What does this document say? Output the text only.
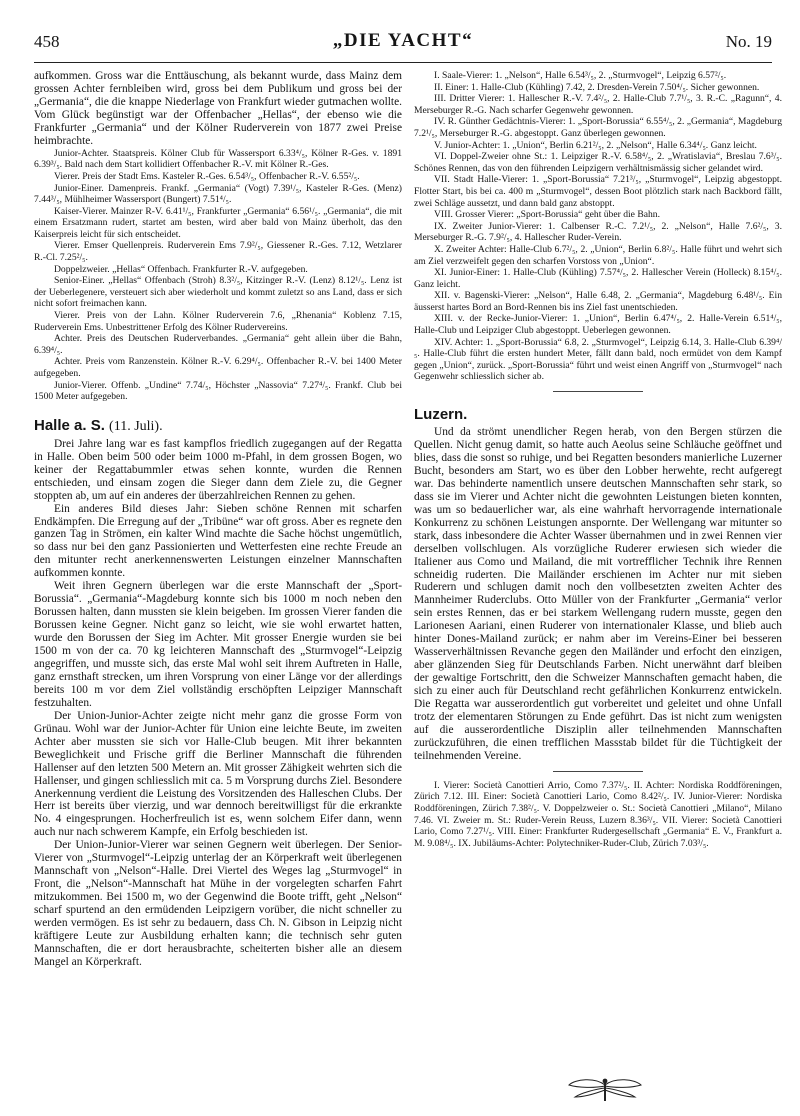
458	„DIE YACHT“	No. 19

aufkommen. Gross war die Enttäuschung, als bekannt wurde, dass Mainz dem grossen Achter fernbleiben wird, gross bei dem Publikum und gross bei der „Germania“, die die knappe Niederlage von Frankfurt wieder gutmachen wollte. Vom Glück begünstigt war der Offenbacher „Hellas“, der ebenso wie die Frankfurter „Germania“ und der Kölner Ruderverein von 1877 zwei Preise heimbrachte.

Junior-Achter. Staatspreis. Kölner Club für Wassersport 6.33⁴/₅, Kölner R-Ges. v. 1891 6.39³/₅. Bald nach dem Start kollidiert Offenbacher R.-V. mit Kölner R.-Ges.

Vierer. Preis der Stadt Ems. Kasteler R.-Ges. 6.54³/₅, Offenbacher R.-V. 6.55²/₅.

Junior-Einer. Damenpreis. Frankf. „Germania“ (Vogt) 7.39¹/₅, Kasteler R-Ges. (Menz) 7.44³/₅, Mühlheimer Wassersport (Bungert) 7.51⁴/₅.

Kaiser-Vierer. Mainzer R-V. 6.41¹/₅, Frankfurter „Germania“ 6.56¹/₅. „Germania“, die mit einem Ersatzmann rudert, startet am besten, wird aber bald von Mainz überholt, das den Kaiserpreis leicht für sich entscheidet.

Vierer. Emser Quellenpreis. Ruderverein Ems 7.9²/₅, Giessener R.-Ges. 7.12, Wetzlarer R.-Cl. 7.25²/₅.

Doppelzweier. „Hellas“ Offenbach. Frankfurter R.-V. aufgegeben.

Senior-Einer. „Hellas“ Offenbach (Stroh) 8.3²/₅, Kitzinger R.-V. (Lenz) 8.12¹/₅. Lenz ist der Ueberlegenere, versteuert sich aber wiederholt und kommt zuletzt so ans Land, dass er sich nicht sofort freimachen kann.

Vierer. Preis von der Lahn. Kölner Ruderverein 7.6, „Rhenania“ Koblenz 7.15, Ruderverein Ems. Unbestrittener Erfolg des Kölner Rudervereins.

Achter. Preis des Deutschen Ruderverbandes. „Germania“ geht allein über die Bahn, 6.39⁴/₅.

Achter. Preis vom Ranzenstein. Kölner R.-V. 6.29⁴/₅. Offenbacher R.-V. bei 1400 Meter aufgegeben.

Junior-Vierer. Offenb. „Undine“ 7.74/₅, Höchster „Nassovia“ 7.27⁴/₅. Frankf. Club bei 1500 Meter aufgegeben.

Halle a. S. (11. Juli).

Drei Jahre lang war es fast kampflos friedlich zugegangen auf der Regatta in Halle. Oben beim 500 oder beim 1000 m-Pfahl, in dem grossen Bogen, wo keiner der Regattabummler etwas sehen konnte, wurden die Rennen entschieden, und einsam zogen die Sieger dann dem Ziele zu, die Gegner stoppten ab, um auf ein anderes der überzahlreichen Rennen zu gehen.

Ein anderes Bild dieses Jahr: Sieben schöne Rennen mit scharfen Endkämpfen. Die Erregung auf der „Tribüne“ war oft gross. Aber es regnete den ganzen Tag in Strömen, ein kalter Wind machte die Sache höchst ungemütlich, so dass nur bei den ganz Passionierten und Wetterfesten eine rechte Freude an den mitunter recht anerkennenswerten Leistungen einzelner Mannschaften aufkommen konnte.

Weit ihren Gegnern überlegen war die erste Mannschaft der „Sport-Borussia“. „Germania“-Magdeburg konnte sich bis 1000 m noch neben den Borussen halten, dann mussten sie klein beigeben. Im grossen Vierer fanden die Borussen keine Gegner. Nicht ganz so leicht, wie sie wohl erwartet hatten, wurde den Borussen der Sieg im Achter. Mit grosser Energie wurden sie bei 1500 m von der ca. 70 kg leichteren Mannschaft des „Sturmvogel“-Leipzig angegriffen, und musste sich, das erste Mal wohl seit ihrem Auftreten in Halle, ganz ernsthaft strecken, um ihren Vorsprung von einer Länge vor der allerdings bereits 100 m vor dem Ziel vollständig erschöpften Leipziger Mannschaft festzuhalten.

Der Union-Junior-Achter zeigte nicht mehr ganz die grosse Form von Grünau. Wohl war der Junior-Achter für Union eine leichte Beute, im zweiten Achter aber mussten sie sich vor Halle-Club beugen. Mit ihrer bekannten Beweglichkeit und Frische griff die Berliner Mannschaft die führenden Hallenser auf den letzten 500 Metern an. Mit grosser Zähigkeit wehrten sich die Hallenser, und gingen schliesslich mit ca. 5 m Vorsprung durchs Ziel. Besondere Anerkennung verdient die Leistung des Vorsitzenden des Halleschen Clubs. Der Herr ist bereits über vierzig, und war dennoch bereitwilligst für die erkrankte No. 4 eingesprungen. Hocherfreulich ist es, wenn solchem Eifer dann, wenn auch nur nach schwerem Kampfe, ein Erfolg beschieden ist.

Der Union-Junior-Vierer war seinen Gegnern weit überlegen. Der Senior-Vierer von „Sturmvogel“-Leipzig unterlag der an Körperkraft weit überlegenen Mannschaft von „Nelson“-Halle. Drei Viertel des Weges lag „Sturmvogel“ in Front, die „Nelson“-Mannschaft hat Mühe in der vorgelegten scharfen Fahrt mitzukommen. Bei 1500 m, wo der Gegenwind die Boote trifft, geht „Nelson“ scharf spurtend an den ermüdenden Leipzigern vorüber, die nicht schneller zu werden vermögen. Es ist sehr zu bedauern, dass Ch. N. Gibson in Leipzig nicht kräftigere Leute zur Ausbildung erhalten kann; die technisch sehr guten Mannschaften, die er dort herausbrachte, scheiterten bisher alle an diesem Mangel an Körperkraft.

I. Saale-Vierer: 1. „Nelson“, Halle 6.54³/₅, 2. „Sturmvogel“, Leipzig 6.57²/₅.

II. Einer: 1. Halle-Club (Kühling) 7.42, 2. Dresden-Verein 7.50⁴/₅. Sicher gewonnen.

III. Dritter Vierer: 1. Hallescher R.-V. 7.4²/₅, 2. Halle-Club 7.7¹/₅, 3. R.-C. „Ragunn“, 4. Merseburger R.-G. Nach scharfer Gegenwehr gewonnen.

IV. R. Günther Gedächtnis-Vierer: 1. „Sport-Borussia“ 6.55⁴/₅, 2. „Germania“, Magdeburg 7.2¹/₅, Merseburger R.-G. abgestoppt. Ganz überlegen gewonnen.

V. Junior-Achter: 1. „Union“, Berlin 6.21²/₅, 2. „Nelson“, Halle 6.34⁴/₅. Ganz leicht.

VI. Doppel-Zweier ohne St.: 1. Leipziger R.-V. 6.58⁴/₅, 2. „Wratislavia“, Breslau 7.6³/₅. Schönes Rennen, das von den führenden Leipzigern verhältnismässig sicher gelandet wird.

VII. Stadt Halle-Vierer: 1. „Sport-Borussia“ 7.21³/₅, „Sturmvogel“, Leipzig abgestoppt. Flotter Start, bis bei ca. 400 m „Sturmvogel“, dessen Boot plötzlich stark nach Backbord fällt, zwei Schläge aussetzt, und dann bald ganz abstoppt.

VIII. Grosser Vierer: „Sport-Borussia“ geht über die Bahn.

IX. Zweiter Junior-Vierer: 1. Calbenser R.-C. 7.2¹/₅, 2. „Nelson“, Halle 7.6²/₅, 3. Merseburger R.-G. 7.9²/₅, 4. Hallescher Ruder-Verein.

X. Zweiter Achter: Halle-Club 6.7²/₅, 2. „Union“, Berlin 6.8²/₅. Halle führt und wehrt sich am Ziel verzweifelt gegen den scharfen Vorstoss von „Union“.

XI. Junior-Einer: 1. Halle-Club (Kühling) 7.57⁴/₅, 2. Hallescher Verein (Holleck) 8.15⁴/₅. Ganz leicht.

XII. v. Bagenski-Vierer: „Nelson“, Halle 6.48, 2. „Germania“, Magdeburg 6.48¹/₅. Ein äusserst hartes Bord an Bord-Rennen bis ins Ziel fast unentschieden.

XIII. v. der Recke-Junior-Vierer: 1. „Union“, Berlin 6.47⁴/₅, 2. Halle-Verein 6.51⁴/₅, Halle-Club und Leipziger Club abgestoppt. Ueberlegen gewonnen.

XIV. Achter: 1. „Sport-Borussia“ 6.8, 2. „Sturmvogel“, Leipzig 6.14, 3. Halle-Club 6.39⁴/₅. Halle-Club führt die ersten hundert Meter, fällt dann bald, noch ermüdet von dem Kampf gegen „Union“, zurück. „Sport-Borussia“ führt und weist einen Angriff von „Sturmvogel“ nach Gegenwehr schliesslich sicher ab.

Luzern.

Und da strömt unendlicher Regen herab, von den Bergen stürzen die Quellen. Nicht genug damit, so hatte auch Aeolus seine Schläuche geöffnet und blies, dass die sonst so ruhige, und bei Regatten besonders manierliche Luzerner Bucht, besonders am Start, wo es über den Lobber herwehte, recht aufgeregt war. Das behinderte namentlich unsere deutschen Mannschaften sehr stark, so dass sie im Vierer und Achter nicht die gewohnten Leistungen bieten konnten, was um so bedauerlicher war, als eine wahrhaft hervorragende internationale Konkurrenz zu schönen Leistungen anspornte. Der Wellengang war mitunter so stark, dass inbesondere die Achter Wasser übernahmen und in zwei Rennen vier derselben vollschlugen. Als vorzügliche Ruderer erwiesen sich wieder die Italiener aus Como und Mailand, die mit vortrefflicher Technik ihre Rennen schneidig ruderten. Die Mailänder erschienen im Achter nur mit sieben Ruderern und schlugen damit noch den vollbesetzten zweiten Achter des Mannheimer Ruderclubs. Otto Müller von der Frankfurter „Germania“ verlor sein erstes Rennen, das er bei starkem Wellengang rudern musste, gegen den Larionesen Aariani, einen Ruderer von internationaler Klasse, und blieb auch hinter Dones-Mailand zurück; er nahm aber im Vereins-Einer bei besseren Wasserverhältnissen Revanche gegen den Mailänder und erfocht den einzigen, aber glänzenden Sieg für Deutschlands Farben. Nicht unerwähnt darf bleiben der gewaltige Fortschritt, den die Schweizer Mannschaften gemacht haben, die sich zu einer auch für Deutschland recht gefährlichen Konkurrenz entwickeln. Die Regatta war ausserordentlich gut vorbereitet und geleitet und ohne Unfall trotz der elementaren Störungen zu Ende geführt. Das ist nicht zum wenigsten auf die ausserordentliche Disziplin aller teilnehmenden Mannschaften zurückzuführen, die einen trefflichen Massstab bildet für die Tüchtigkeit der teilnehmenden Vereine.

I. Vierer: Società Canottieri Arrio, Como 7.37²/₅. II. Achter: Nordiska Roddföreningen, Zürich 7.12. III. Einer: Società Canottieri Lario, Como 8.42²/₅. IV. Junior-Vierer: Nordiska Roddföreningen, Zürich 7.38²/₅. V. Doppelzweier o. St.: Società Canottieri „Milano“, Milano 7.46. VI. Zweier m. St.: Ruder-Verein Reuss, Luzern 8.36³/₅. VII. Vierer: Società Canottieri Lario, Como 7.27¹/₅. VIII. Einer: Frankfurter Rudergesellschaft „Germania“ E. V., Frankfurt a. M. 9.08⁴/₅. IX. Jubiläums-Achter: Polytechniker-Ruder-Club, Zürich 7.03³/₅.
